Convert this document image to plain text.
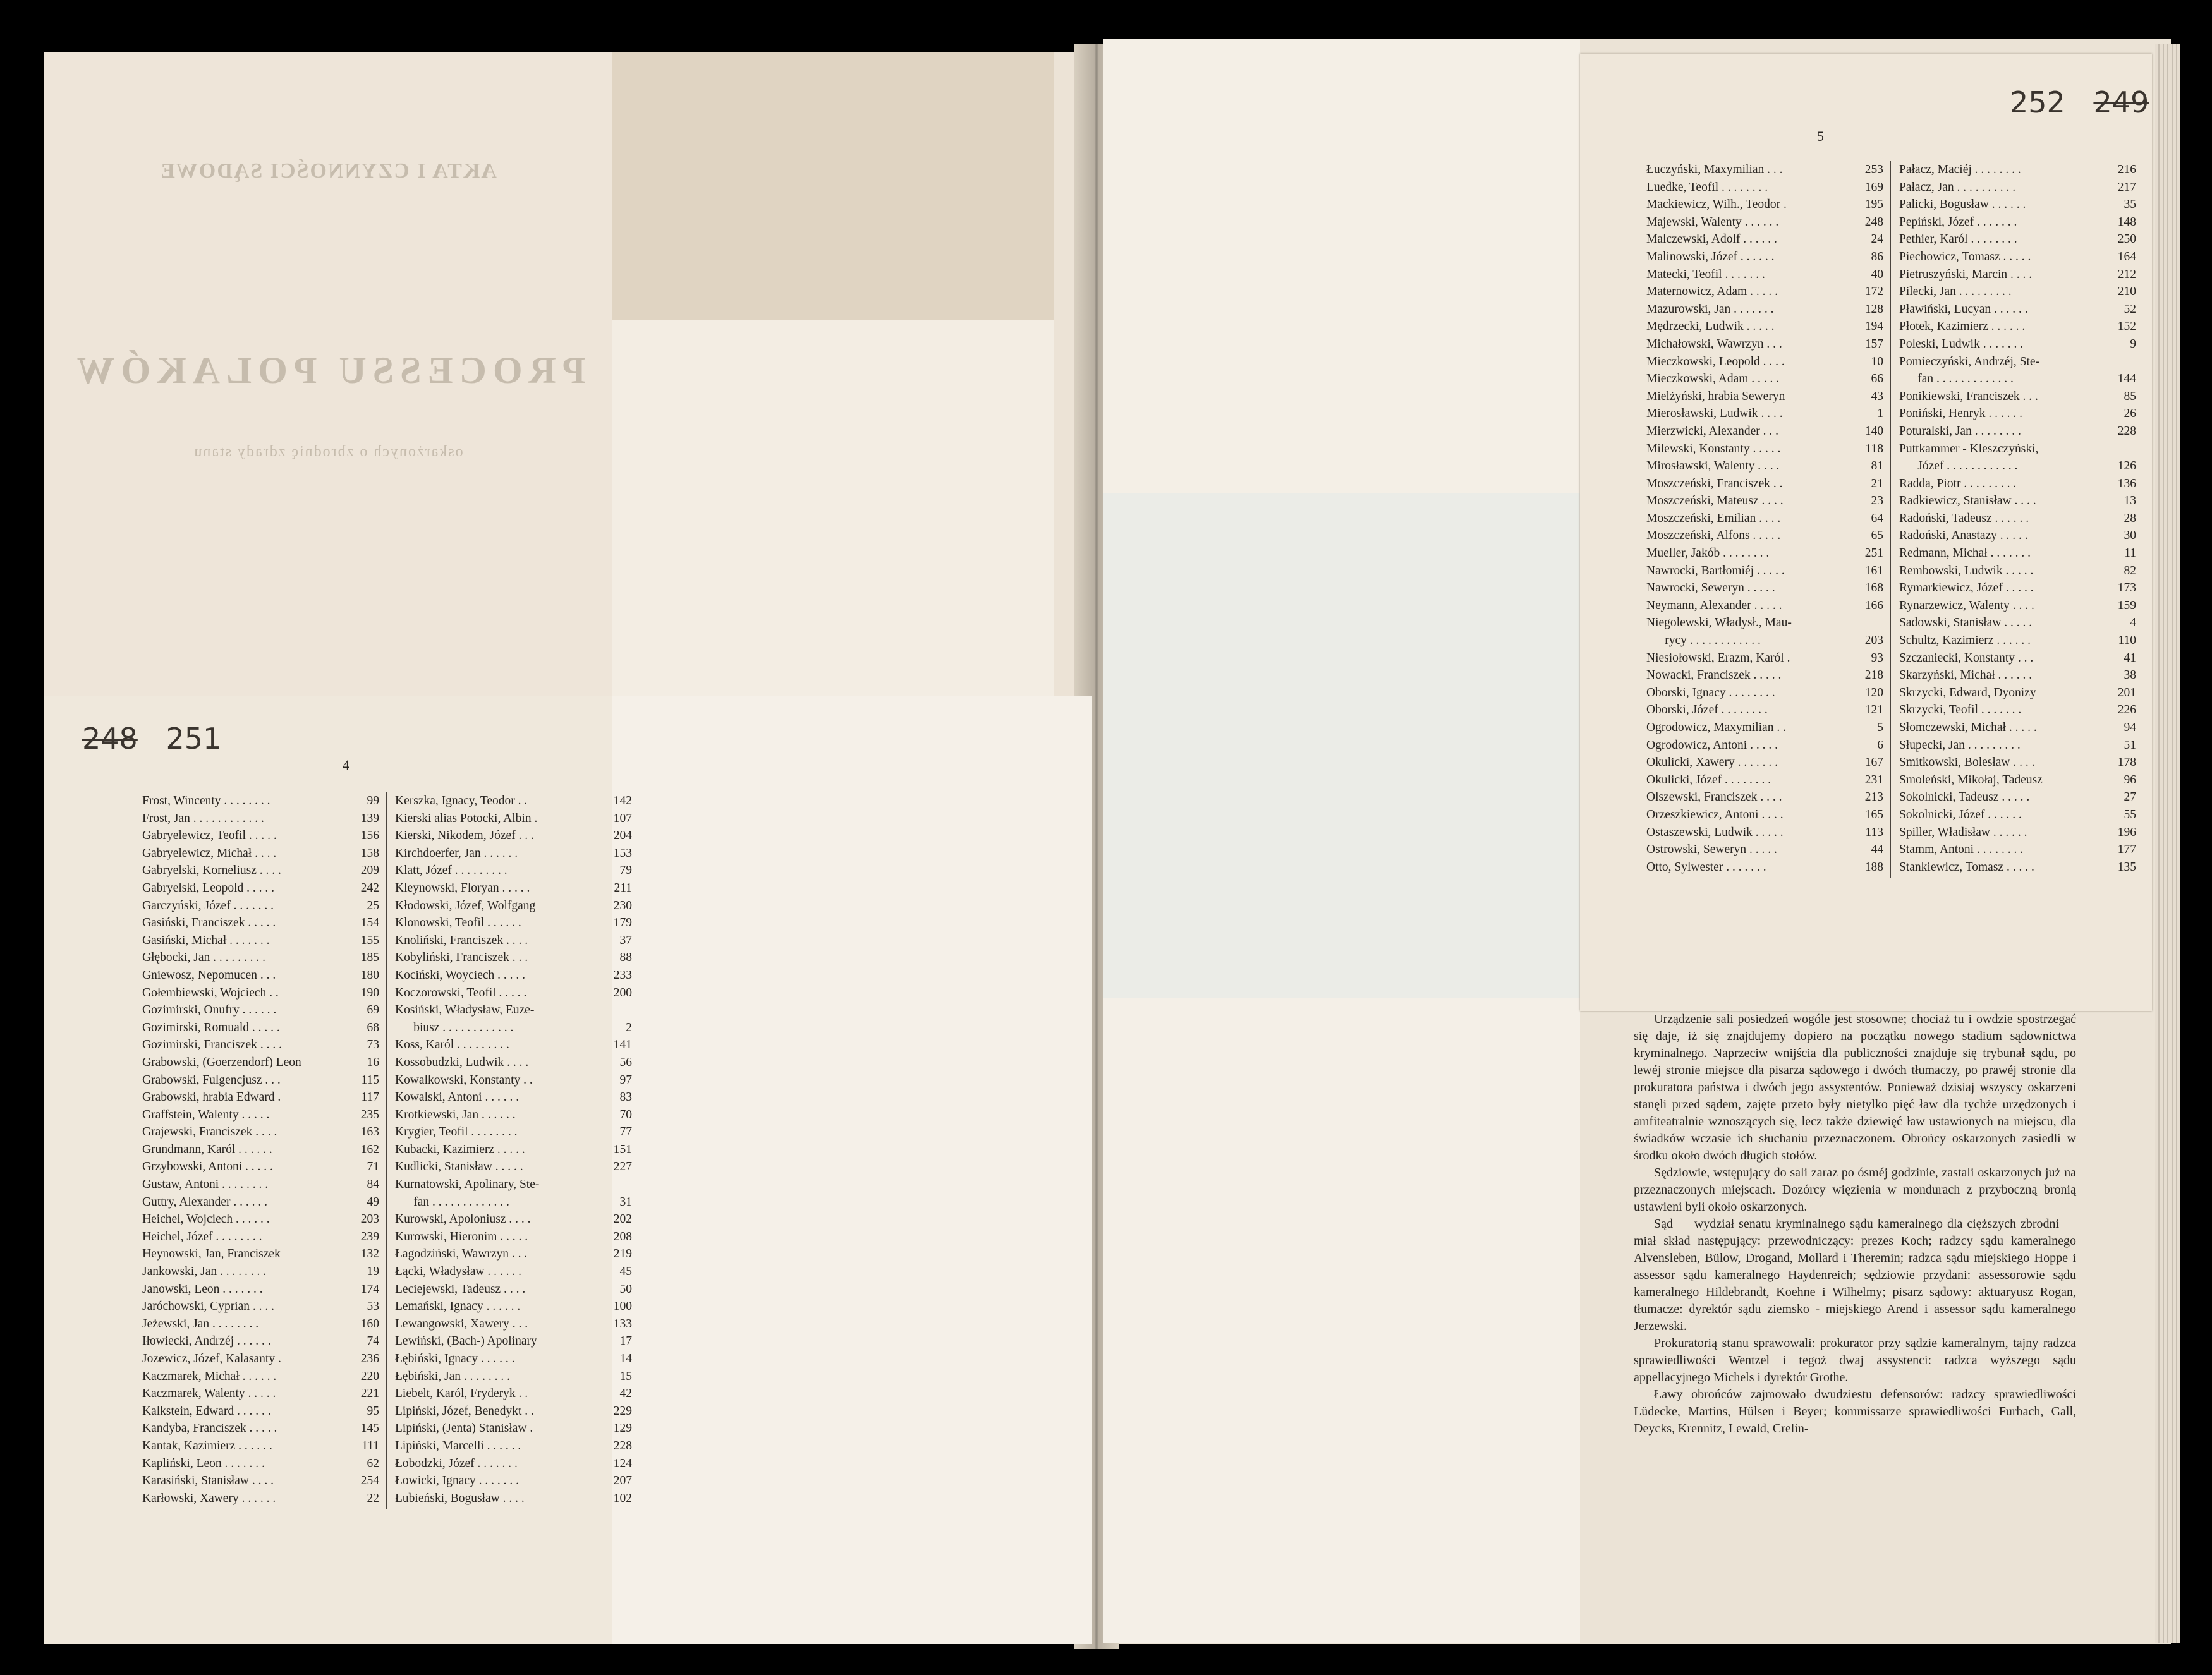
AKTA I CZYNNOŚCI SĄDOWE
PROCESSU POLAKÓW
oskarżonych o zbrodnię zdrady stanu
248 251
4
Frost, Wincenty . . . . . . . .	99
Frost, Jan . . . . . . . . . . . .	139
Gabryelewicz, Teofil . . . . .	156
Gabryelewicz, Michał . . . .	158
Gabryelski, Korneliusz . . . .	209
Gabryelski, Leopold . . . . .	242
Garczyński, Józef . . . . . . .	25
Gasiński, Franciszek . . . . .	154
Gasiński, Michał . . . . . . .	155
Głębocki, Jan . . . . . . . . .	185
Gniewosz, Nepomucen . . .	180
Gołembiewski, Wojciech . .	190
Gozimirski, Onufry . . . . . .	69
Gozimirski, Romuald . . . . .	68
Gozimirski, Franciszek . . . .	73
Grabowski, (Goerzendorf) Leon	16
Grabowski, Fulgencjusz . . .	115
Grabowski, hrabia Edward .	117
Graffstein, Walenty . . . . .	235
Grajewski, Franciszek . . . .	163
Grundmann, Karól . . . . . .	162
Grzybowski, Antoni . . . . .	71
Gustaw, Antoni . . . . . . . .	84
Guttry, Alexander . . . . . .	49
Heichel, Wojciech . . . . . .	203
Heichel, Józef . . . . . . . .	239
Heynowski, Jan, Franciszek	132
Jankowski, Jan . . . . . . . .	19
Janowski, Leon . . . . . . .	174
Jaróchowski, Cyprian . . . .	53
Jeżewski, Jan . . . . . . . .	160
Iłowiecki, Andrzéj . . . . . .	74
Jozewicz, Józef, Kalasanty .	236
Kaczmarek, Michał . . . . . .	220
Kaczmarek, Walenty . . . . .	221
Kalkstein, Edward . . . . . .	95
Kandyba, Franciszek . . . . .	145
Kantak, Kazimierz . . . . . .	111
Kapliński, Leon . . . . . . .	62
Karasiński, Stanisław . . . .	254
Karłowski, Xawery . . . . . .	22
Kerszka, Ignacy, Teodor . .	142
Kierski alias Potocki, Albin .	107
Kierski, Nikodem, Józef . . .	204
Kirchdoerfer, Jan . . . . . .	153
Klatt, Józef . . . . . . . . .	79
Kleynowski, Floryan . . . . .	211
Kłodowski, Józef, Wolfgang	230
Klonowski, Teofil . . . . . .	179
Knoliński, Franciszek . . . .	37
Kobyliński, Franciszek . . .	88
Kociński, Woyciech . . . . .	233
Koczorowski, Teofil . . . . .	200
Kosiński, Władysław, Euze-
biusz . . . . . . . . . . . .	2
Koss, Karól . . . . . . . . .	141
Kossobudzki, Ludwik . . . .	56
Kowalkowski, Konstanty . .	97
Kowalski, Antoni . . . . . .	83
Krotkiewski, Jan . . . . . .	70
Krygier, Teofil . . . . . . . .	77
Kubacki, Kazimierz . . . . .	151
Kudlicki, Stanisław . . . . .	227
Kurnatowski, Apolinary, Ste-
fan . . . . . . . . . . . . .	31
Kurowski, Apoloniusz . . . .	202
Kurowski, Hieronim . . . . .	208
Łagodziński, Wawrzyn . . .	219
Łącki, Władysław . . . . . .	45
Leciejewski, Tadeusz . . . .	50
Lemański, Ignacy . . . . . .	100
Lewangowski, Xawery . . .	133
Lewiński, (Bach-) Apolinary	17
Łębiński, Ignacy . . . . . .	14
Łębiński, Jan . . . . . . . .	15
Liebelt, Karól, Fryderyk . .	42
Lipiński, Józef, Benedykt . .	229
Lipiński, (Jenta) Stanisław .	129
Lipiński, Marcelli . . . . . .	228
Łobodzki, Józef . . . . . . .	124
Łowicki, Ignacy . . . . . . .	207
Łubieński, Bogusław . . . .	102
252 249
5
Łuczyński, Maxymilian . . .	253
Luedke, Teofil . . . . . . . .	169
Mackiewicz, Wilh., Teodor .	195
Majewski, Walenty . . . . . .	248
Malczewski, Adolf . . . . . .	24
Malinowski, Józef . . . . . .	86
Matecki, Teofil . . . . . . .	40
Maternowicz, Adam . . . . .	172
Mazurowski, Jan . . . . . . .	128
Mędrzecki, Ludwik . . . . .	194
Michałowski, Wawrzyn . . .	157
Mieczkowski, Leopold . . . .	10
Mieczkowski, Adam . . . . .	66
Mielżyński, hrabia Seweryn	43
Mierosławski, Ludwik . . . .	1
Mierzwicki, Alexander . . .	140
Milewski, Konstanty . . . . .	118
Mirosławski, Walenty . . . .	81
Moszczeński, Franciszek . .	21
Moszczeński, Mateusz . . . .	23
Moszczeński, Emilian . . . .	64
Moszczeński, Alfons . . . . .	65
Mueller, Jakób . . . . . . . .	251
Nawrocki, Bartłomiéj . . . . .	161
Nawrocki, Seweryn . . . . .	168
Neymann, Alexander . . . . .	166
Niegolewski, Władysł., Mau-
rycy . . . . . . . . . . . .	203
Niesiołowski, Erazm, Karól .	93
Nowacki, Franciszek . . . . .	218
Oborski, Ignacy . . . . . . . .	120
Oborski, Józef . . . . . . . .	121
Ogrodowicz, Maxymilian . .	5
Ogrodowicz, Antoni . . . . .	6
Okulicki, Xawery . . . . . . .	167
Okulicki, Józef . . . . . . . .	231
Olszewski, Franciszek . . . .	213
Orzeszkiewicz, Antoni . . . .	165
Ostaszewski, Ludwik . . . . .	113
Ostrowski, Seweryn . . . . .	44
Otto, Sylwester . . . . . . .	188
Pałacz, Maciéj . . . . . . . .	216
Pałacz, Jan . . . . . . . . . .	217
Palicki, Bogusław . . . . . .	35
Pepiński, Józef . . . . . . .	148
Pethier, Karól . . . . . . . .	250
Piechowicz, Tomasz . . . . .	164
Pietruszyński, Marcin . . . .	212
Pilecki, Jan . . . . . . . . .	210
Pławiński, Lucyan . . . . . .	52
Płotek, Kazimierz . . . . . .	152
Poleski, Ludwik . . . . . . .	9
Pomieczyński, Andrzéj, Ste-
fan . . . . . . . . . . . . .	144
Ponikiewski, Franciszek . . .	85
Poniński, Henryk . . . . . .	26
Poturalski, Jan . . . . . . . .	228
Puttkammer - Kleszczyński,
Józef . . . . . . . . . . . .	126
Radda, Piotr . . . . . . . . .	136
Radkiewicz, Stanisław . . . .	13
Radoński, Tadeusz . . . . . .	28
Radoński, Anastazy . . . . .	30
Redmann, Michał . . . . . . .	11
Rembowski, Ludwik . . . . .	82
Rymarkiewicz, Józef . . . . .	173
Rynarzewicz, Walenty . . . .	159
Sadowski, Stanisław . . . . .	4
Schultz, Kazimierz . . . . . .	110
Szczaniecki, Konstanty . . .	41
Skarzyński, Michał . . . . . .	38
Skrzycki, Edward, Dyonizy	201
Skrzycki, Teofil . . . . . . .	226
Słomczewski, Michał . . . . .	94
Słupecki, Jan . . . . . . . . .	51
Smitkowski, Bolesław . . . .	178
Smoleński, Mikołaj, Tadeusz	96
Sokolnicki, Tadeusz . . . . .	27
Sokolnicki, Józef . . . . . .	55
Spiller, Władisław . . . . . .	196
Stamm, Antoni . . . . . . . .	177
Stankiewicz, Tomasz . . . . .	135

Urządzenie sali posiedzeń wogóle jest stosowne; chociaż tu i owdzie spostrzegać się daje, iż się znajdujemy dopiero na początku nowego stadium sądownictwa kryminalnego. Naprzeciw wnijścia dla publiczności znajduje się trybunał sądu, po lewéj stronie miejsce dla pisarza sądowego i dwóch tłumaczy, po prawéj stronie dla prokuratora państwa i dwóch jego assystentów. Ponieważ dzisiaj wszyscy oskarzeni stanęli przed sądem, zajęte przeto były nietylko pięć ław dla tychże urzędzonych i amfiteatralnie wznoszących się, lecz także dziewięć ław ustawionych na miejscu, dla świadków wczasie ich słuchaniu przeznaczonem. Obrońcy oskarzonych zasiedli w środku około dwóch długich stołów.

Sędziowie, wstępujący do sali zaraz po ósméj godzinie, zastali oskarzonych już na przeznaczonych miejscach. Dozórcy więzienia w mondurach z przyboczną bronią ustawieni byli około oskarzonych.

Sąd — wydział senatu kryminalnego sądu kameralnego dla cięższych zbrodni — miał skład następujący: przewodniczący: prezes Koch; radzcy sądu kameralnego Alvensleben, Bülow, Drogand, Mollard i Theremin; radzca sądu miejskiego Hoppe i assessor sądu kameralnego Haydenreich; sędziowie przydani: assessorowie sądu kameralnego Hildebrandt, Koehne i Wilhelmy; pisarz sądowy: aktuaryusz Rogan, tłumacze: dyrektór sądu ziemsko - miejskiego Arend i assessor sądu kameralnego Jerzewski.

Prokuratorią stanu sprawowali: prokurator przy sądzie kameralnym, tajny radzca sprawiedliwości Wentzel i tegoż dwaj assystenci: radzca wyższego sądu appellacyjnego Michels i dyrektór Grothe.

Ławy obrońców zajmowało dwudziestu defensorów: radzcy sprawiedliwości Lüdecke, Martins, Hülsen i Beyer; kommissarze sprawiedliwości Furbach, Gall, Deycks, Krennitz, Lewald, Crelin-
